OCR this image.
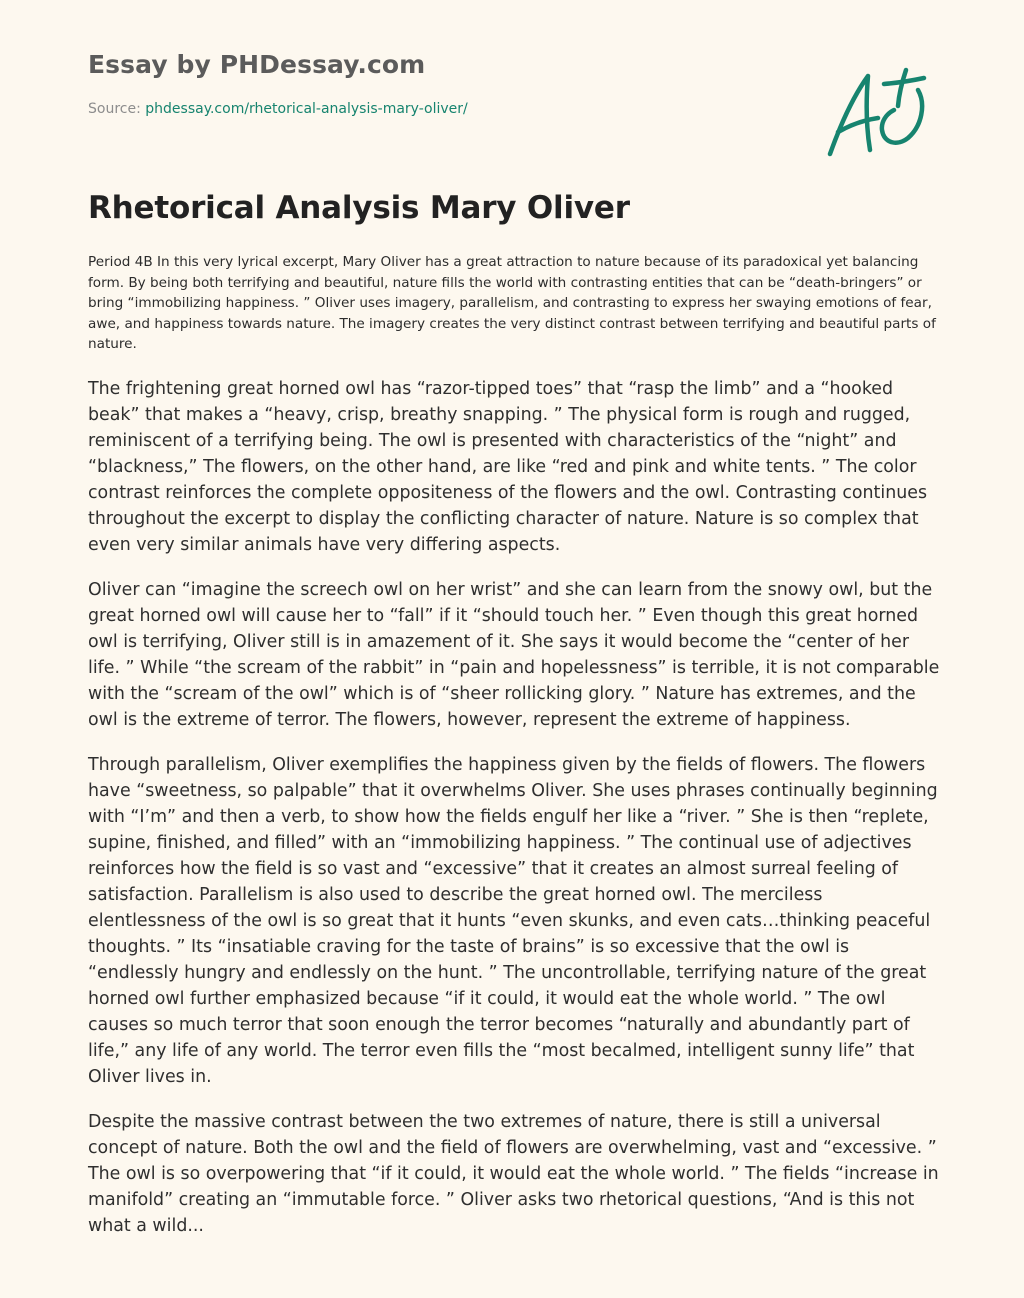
Essay by PHDessay.com
Source: phdessay.com/rhetorical-analysis-mary-oliver/
Rhetorical Analysis Mary Oliver

Period 4B In this very lyrical excerpt, Mary Oliver has a great attraction to nature because of its paradoxical yet balancing form. By being both terrifying and beautiful, nature fills the world with contrasting entities that can be “death-bringers” or bring “immobilizing happiness. ” Oliver uses imagery, parallelism, and contrasting to express her swaying emotions of fear, awe, and happiness towards nature. The imagery creates the very distinct contrast between terrifying and beautiful parts of nature.

The frightening great horned owl has “razor-tipped toes” that “rasp the limb” and a “hooked beak” that makes a “heavy, crisp, breathy snapping. ” The physical form is rough and rugged, reminiscent of a terrifying being. The owl is presented with characteristics of the “night” and “blackness,” The flowers, on the other hand, are like “red and pink and white tents. ” The color contrast reinforces the complete oppositeness of the flowers and the owl. Contrasting continues throughout the excerpt to display the conflicting character of nature. Nature is so complex that even very similar animals have very differing aspects.

Oliver can “imagine the screech owl on her wrist” and she can learn from the snowy owl, but the great horned owl will cause her to “fall” if it “should touch her. ” Even though this great horned owl is terrifying, Oliver still is in amazement of it. She says it would become the “center of her life. ” While “the scream of the rabbit” in “pain and hopelessness” is terrible, it is not comparable with the “scream of the owl” which is of “sheer rollicking glory. ” Nature has extremes, and the owl is the extreme of terror. The flowers, however, represent the extreme of happiness.

Through parallelism, Oliver exemplifies the happiness given by the fields of flowers. The flowers have “sweetness, so palpable” that it overwhelms Oliver. She uses phrases continually beginning with “I’m” and then a verb, to show how the fields engulf her like a “river. ” She is then “replete, supine, finished, and filled” with an “immobilizing happiness. ” The continual use of adjectives reinforces how the field is so vast and “excessive” that it creates an almost surreal feeling of satisfaction. Parallelism is also used to describe the great horned owl. The merciless elentlessness of the owl is so great that it hunts “even skunks, and even cats…thinking peaceful thoughts. ” Its “insatiable craving for the taste of brains” is so excessive that the owl is “endlessly hungry and endlessly on the hunt. ” The uncontrollable, terrifying nature of the great horned owl further emphasized because “if it could, it would eat the whole world. ” The owl causes so much terror that soon enough the terror becomes “naturally and abundantly part of life,” any life of any world. The terror even fills the “most becalmed, intelligent sunny life” that Oliver lives in.

Despite the massive contrast between the two extremes of nature, there is still a universal concept of nature. Both the owl and the field of flowers are overwhelming, vast and “excessive. ” The owl is so overpowering that “if it could, it would eat the whole world. ” The fields “increase in manifold” creating an “immutable force. ” Oliver asks two rhetorical questions, “And is this not what a wild...
